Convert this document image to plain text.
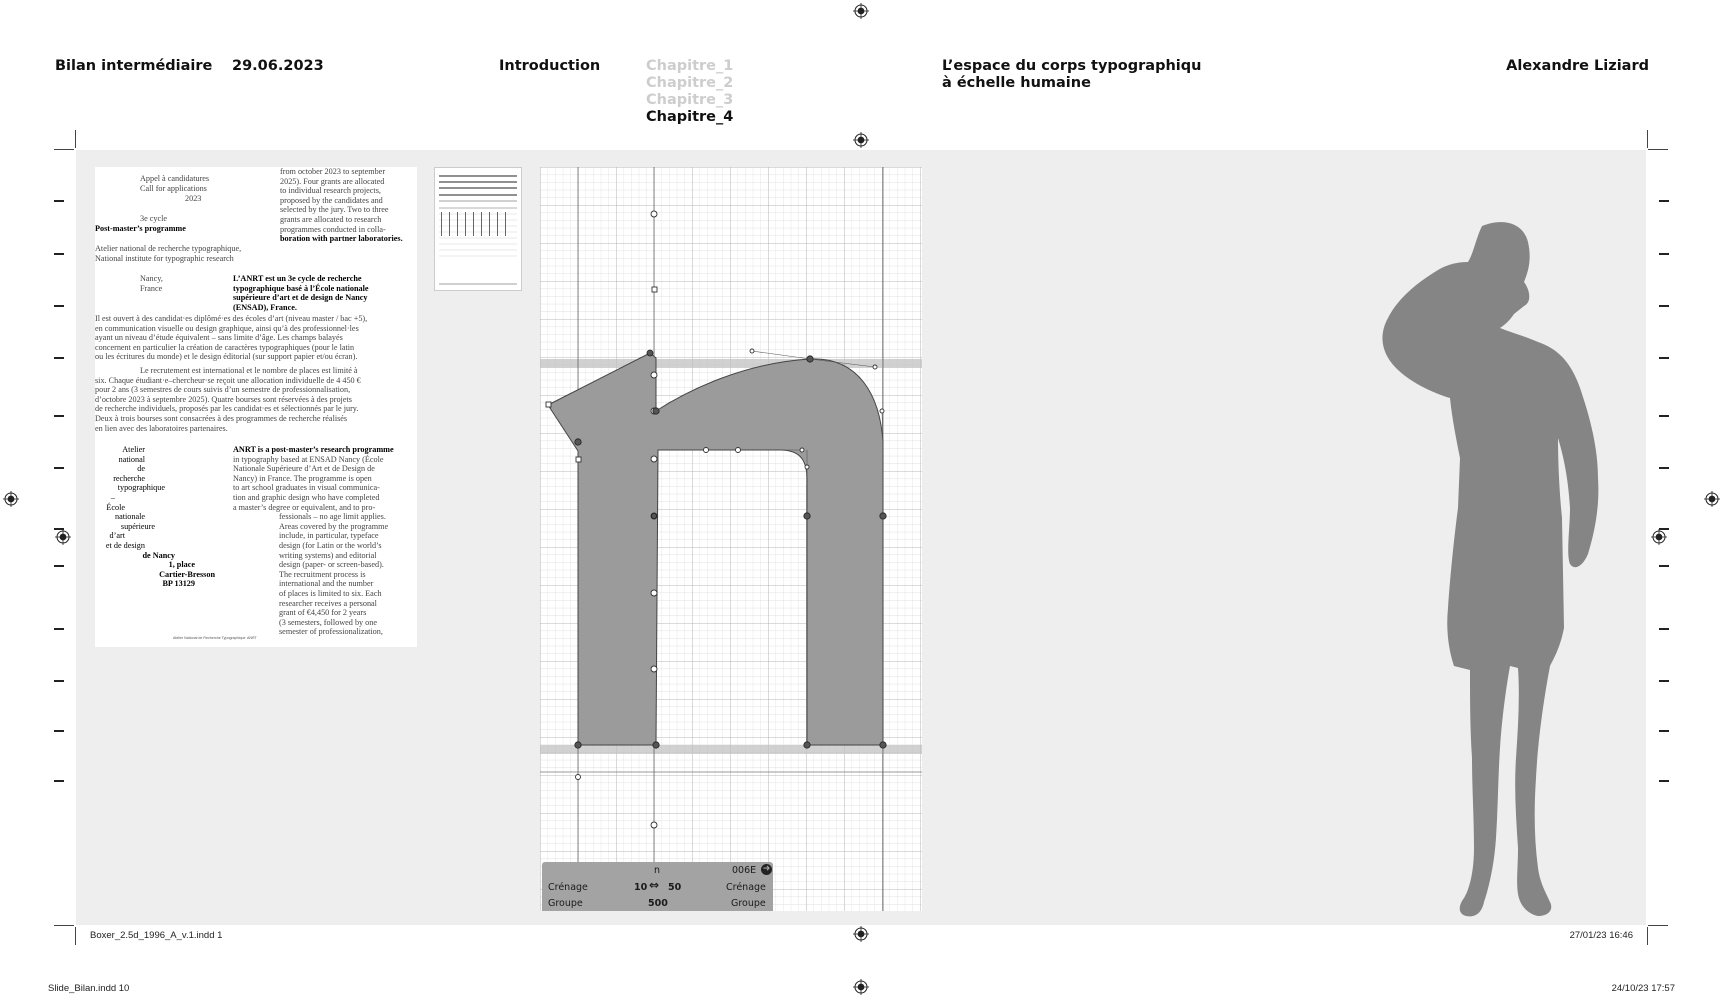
Bilan intermédiaire 29.06.2023	Introduction	Chapitre_1
Chapitre_2
Chapitre_3
Chapitre_4
L’espace du corps typographiqu
à échelle humaine
Alexandre Liziard
Appel à candidatures
Call for applications
2023
3e cycle
Post-master’s programme
Atelier national de recherche typographique,
National institute for typographic research
Nancy,
France
L’ANRT est un 3e cycle de recherche
typographique basé à l’École nationale
supérieure d’art et de design de Nancy
(ENSAD), France.
Il est ouvert à des candidat·es diplômé·es des écoles d’art (niveau master / bac +5),
en communication visuelle ou design graphique, ainsi qu’à des professionnel·les
ayant un niveau d’étude équivalent – sans limite d’âge. Les champs balayés
concernent en particulier la création de caractères typographiques (pour le latin
ou les écritures du monde) et le design éditorial (sur support papier et/ou écran).
Le recrutement est international et le nombre de places est limité à
six. Chaque étudiant·e–chercheur·se reçoit une allocation individuelle de 4 450 €
pour 2 ans (3 semestres de cours suivis d’un semestre de professionnalisation,
d’octobre 2023 à septembre 2025). Quatre bourses sont réservées à des projets
de recherche individuels, proposés par les candidat·es et sélectionnés par le jury.
Deux à trois bourses sont consacrées à des programmes de recherche réalisés
en lien avec des laboratoires partenaires.
from october 2023 to september
2025). Four grants are allocated
to individual research projects,
proposed by the candidates and
selected by the jury. Two to three
grants are allocated to research
programmes conducted in colla-
boration with partner laboratories.
Atelier
national
de recherche
typographique
–
École
nationale
supérieure
d’art
et de design
de Nancy
1, place
Cartier-Bresson
BP 13129
ANRT is a post-master’s research programme
in typography based at ENSAD Nancy (École
Nationale Supérieure d’Art et de Design de
Nancy) in France. The programme is open
to art school graduates in visual communica-
tion and graphic design who have completed
a master’s degree or equivalent, and to pro-
fessionals – no age limit applies.
Areas covered by the programme
include, in particular, typeface
design (for Latin or the world’s
writing systems) and editorial
design (paper- or screen-based).
The recruitment process is
international and the number
of places is limited to six. Each
researcher receives a personal
grant of €4,450 for 2 years
(3 semesters, followed by one
semester of professionalization,
Atelier National de Recherche Typographique ANRT
n	006E ➜
Crénage	10 ⇔ 50	Crénage
Groupe	500	Groupe
Boxer_2.5d_1996_A_v.1.indd 1	27/01/23 16:46
Slide_Bilan.indd 10	24/10/23 17:57
